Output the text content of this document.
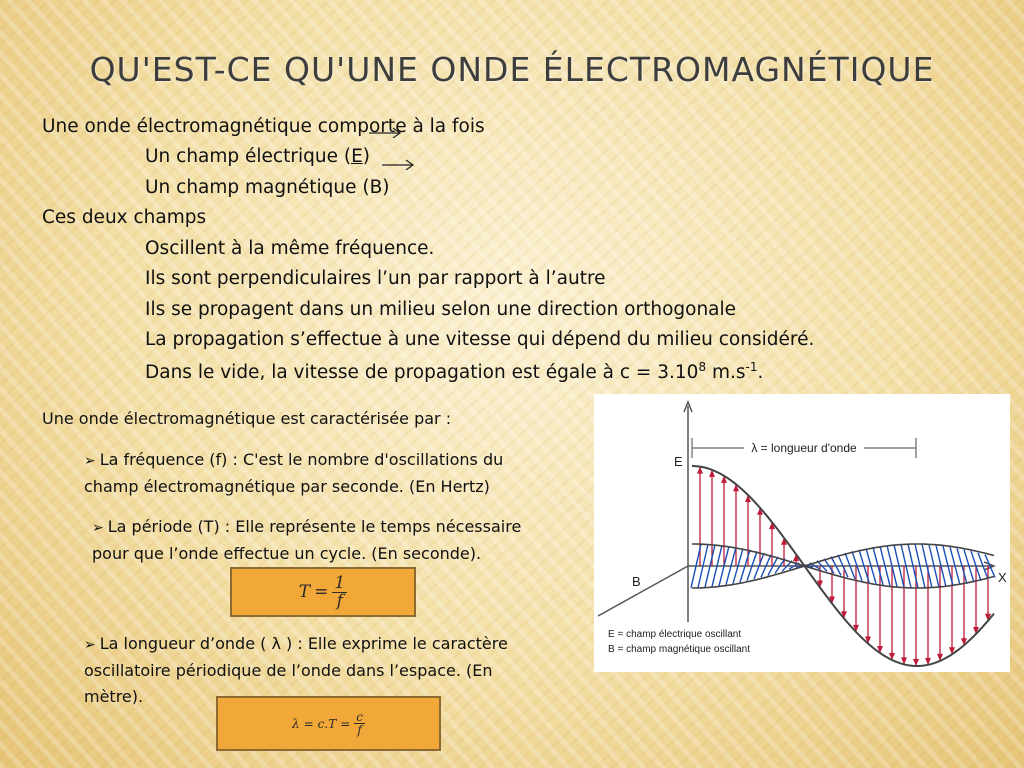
QU'EST-CE QU'UNE ONDE ÉLECTROMAGNÉTIQUE
Une onde électromagnétique comporte à la fois
Un champ électrique (E)
Un champ magnétique (B)
Ces deux champs
Oscillent à la même fréquence.
Ils sont perpendiculaires l’un par rapport à l’autre
Ils se propagent dans un milieu selon une direction orthogonale
La propagation s’effectue à une vitesse qui dépend du milieu considéré.
Dans le vide, la vitesse de propagation est égale à $c = 3.10^8$ $m.s^{-1}$.
Une onde électromagnétique est caractérisée par :
➢ La fréquence (f) : C'est le nombre d'oscillations du
champ électromagnétique par seconde. (En Hertz)
➢ La période (T) : Elle représente le temps nécessaire
pour que l’onde effectue un cycle. (En seconde).
$T = \frac{1}{f}$
➢ La longueur d’onde ( λ ) : Elle exprime le caractère
oscillatoire périodique de l’onde dans l’espace. (En
mètre).
$\lambda = c.T = \frac{c}{f}$
λ = longueur d'onde
E
B	X
E = champ électrique oscillant
B = champ magnétique oscillant
